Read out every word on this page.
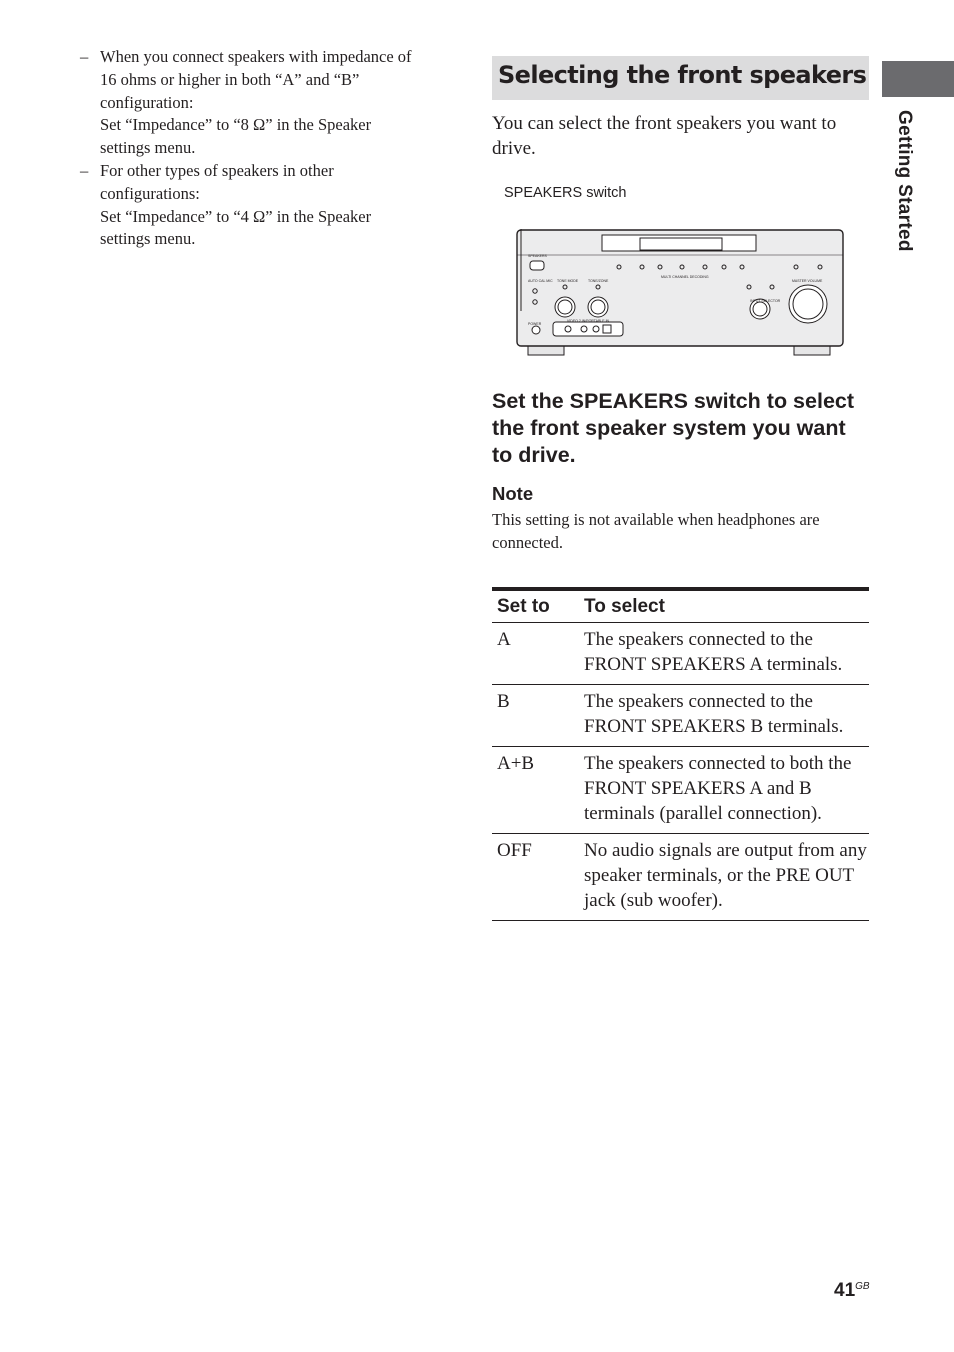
– When you connect speakers with impedance of
16 ohms or higher in both “A” and “B”
configuration:
Set “Impedance” to “8 Ω” in the Speaker
settings menu.
– For other types of speakers in other
configurations:
Set “Impedance” to “4 Ω” in the Speaker
settings menu.
Selecting the front speakers
You can select the front speakers you want to drive.
SPEAKERS
MULTI CHANNEL DECODING
AUTO CAL MIC TONE MODE	TONE/ZONE	MASTER VOLUME
INPUT SELECTOR
POWER
VIDEO 2 IN/PORTABLE IN
SPEAKERS switch
Set the SPEAKERS switch to select the front speaker system you want to drive.
Note
This setting is not available when headphones are connected.
Set to	To select
A	The speakers connected to the FRONT SPEAKERS A terminals.
B	The speakers connected to the FRONT SPEAKERS B terminals.
A+B	The speakers connected to both the FRONT SPEAKERS A and B terminals (parallel connection).
OFF	No audio signals are output from any speaker terminals, or the PRE OUT jack (sub woofer).
Getting Started
$41^{GB}$
